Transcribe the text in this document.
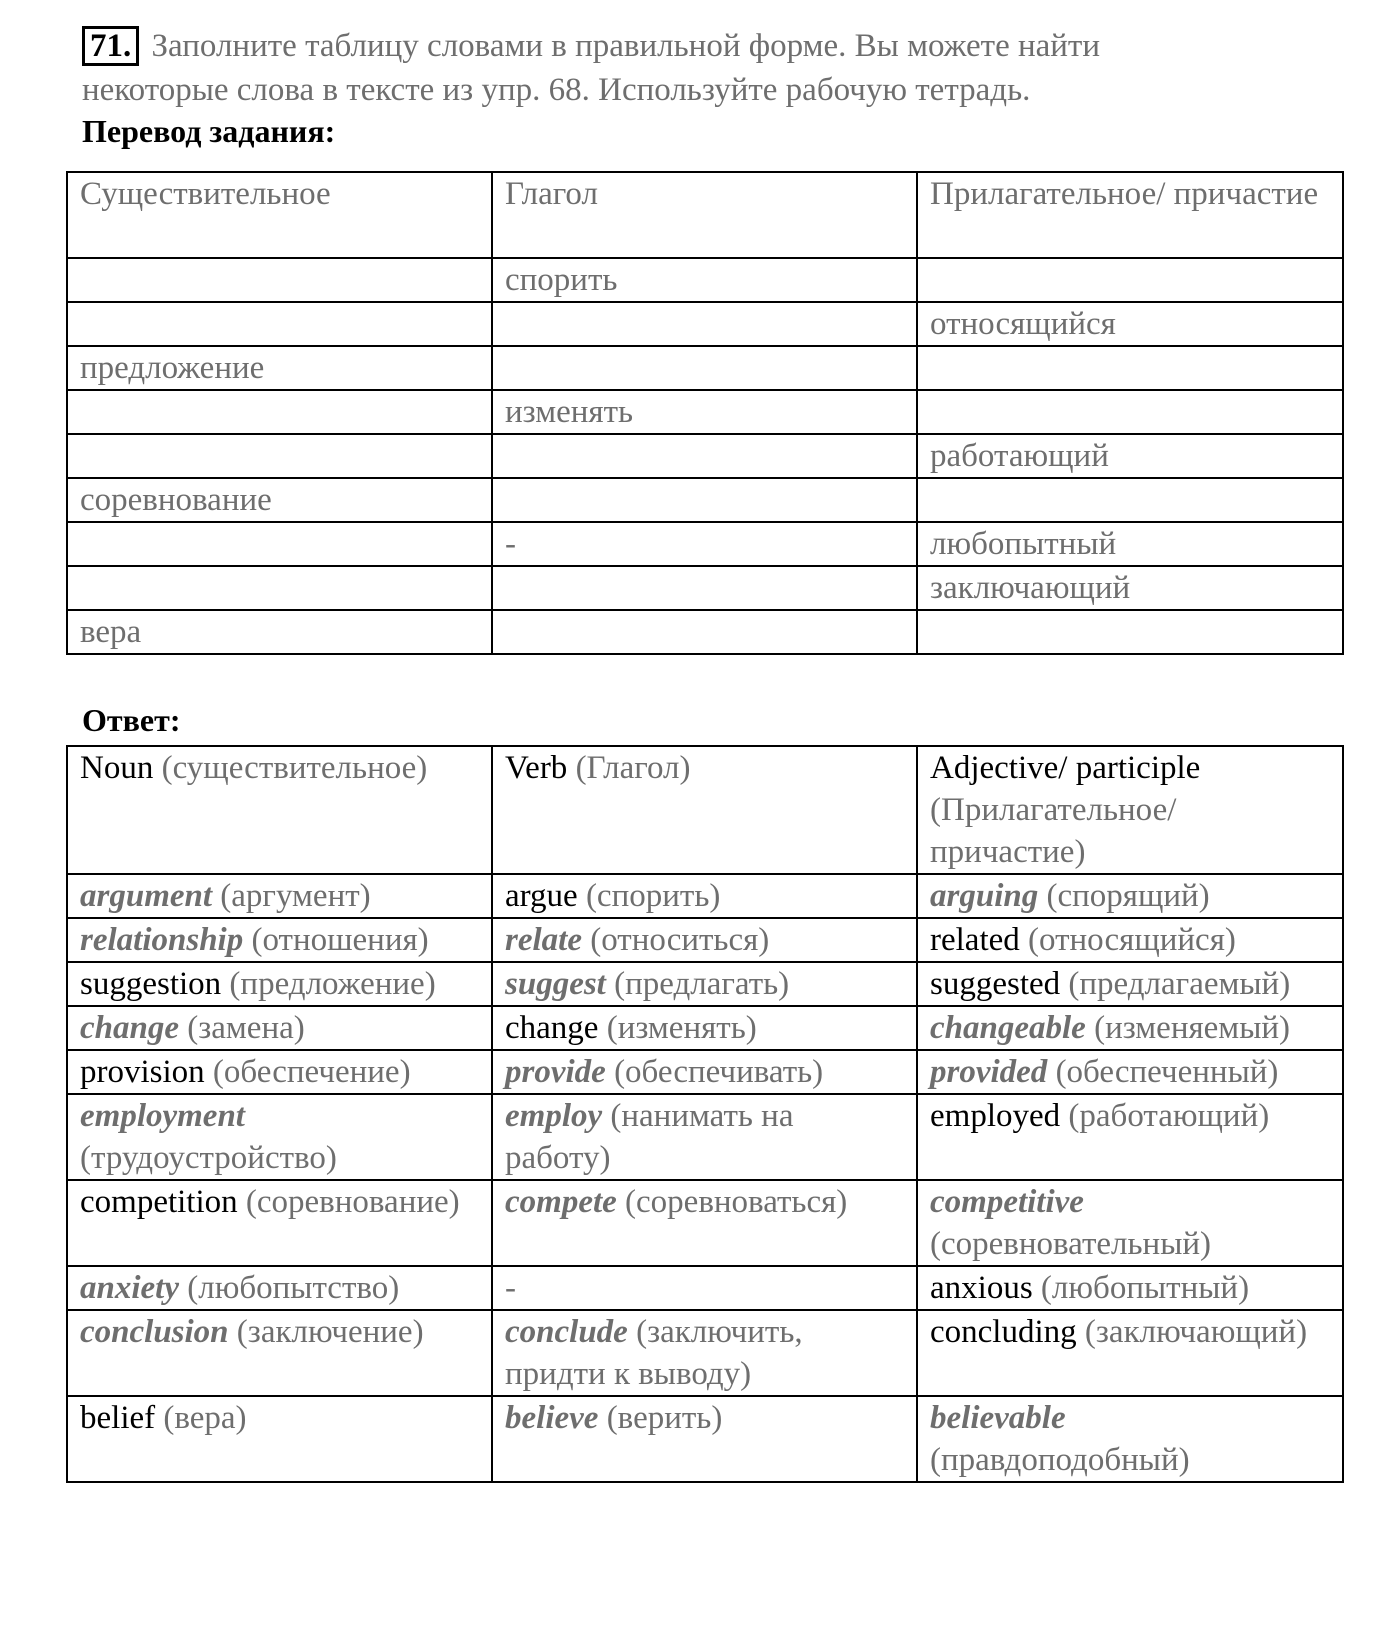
71. Заполните таблицу словами в правильной форме. Вы можете найти
некоторые слова в тексте из упр. 68. Используйте рабочую тетрадь.
Перевод задания:
Существительное	Глагол	Прилагательное/ причастие
	спорить	
		относящийся
предложение		
	изменять	
		работающий
соревнование		
	-	любопытный
		заключающий
вера		
Ответ:
Noun (существительное)	Verb (Глагол)	Adjective/ participle (Прилагательное/ причастие)
argument (аргумент)	argue (спорить)	arguing (спорящий)
relationship (отношения)	relate (относиться)	related (относящийся)
suggestion (предложение)	suggest (предлагать)	suggested (предлагаемый)
change (замена)	change (изменять)	changeable (изменяемый)
provision (обеспечение)	provide (обеспечивать)	provided (обеспеченный)
employment (трудоустройство)	employ (нанимать на работу)	employed (работающий)
competition (соревнование)	compete (соревноваться)	competitive (соревновательный)
anxiety (любопытство)	-	anxious (любопытный)
conclusion (заключение)	conclude (заключить, придти к выводу)	concluding (заключающий)
belief (вера)	believe (верить)	believable (правдоподобный)
